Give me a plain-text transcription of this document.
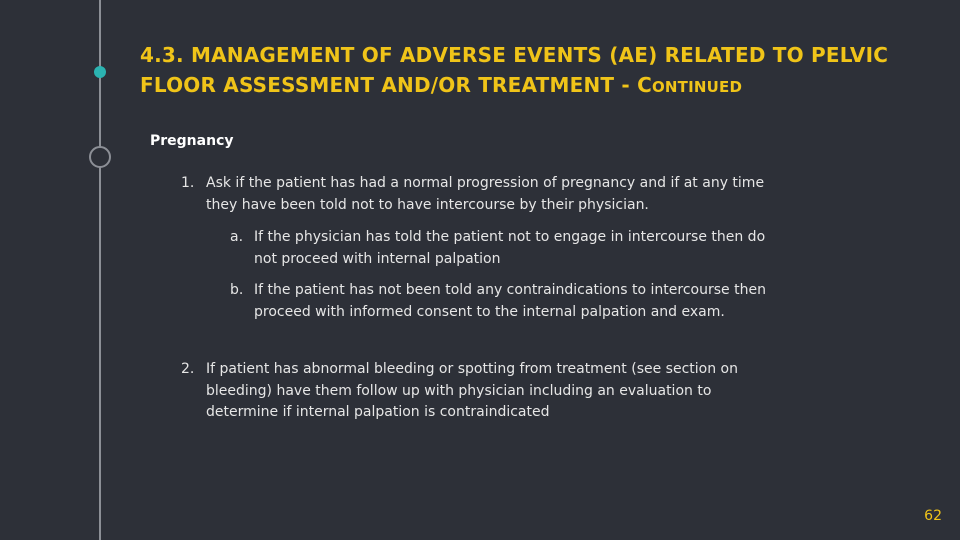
4.3. MANAGEMENT OF ADVERSE EVENTS (AE) RELATED TO PELVIC FLOOR ASSESSMENT AND/OR TREATMENT - CONTINUED
Pregnancy
1. Ask if the patient has had a normal progression of pregnancy and if at any time they have been told not to have intercourse by their physician.
a. If the physician has told the patient not to engage in intercourse then do not proceed with internal palpation
b. If the patient has not been told any contraindications to intercourse then proceed with informed consent to the internal palpation and exam.
2. If patient has abnormal bleeding or spotting from treatment (see section on bleeding) have them follow up with physician including an evaluation to determine if internal palpation is contraindicated
62
